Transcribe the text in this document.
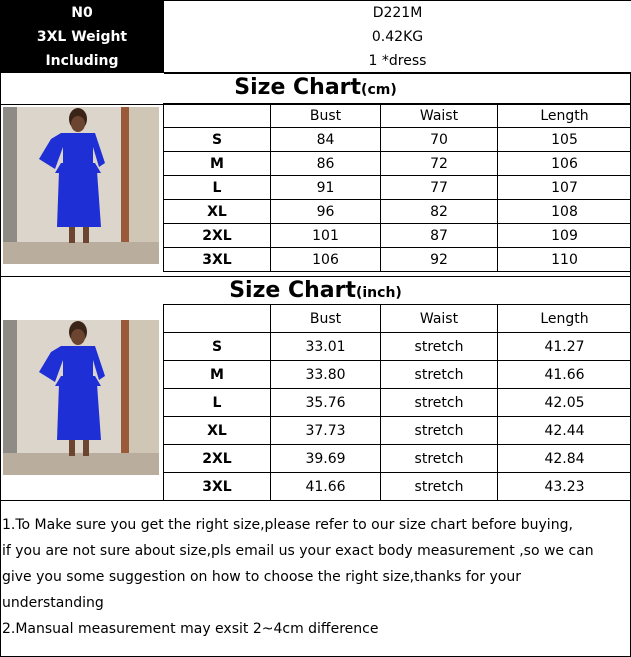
N0	D221M
3XL Weight	0.42KG
Including	1 *dress
Size Chart(cm)
	Bust	Waist	Length
S	84	70	105
M	86	72	106
L	91	77	107
XL	96	82	108
2XL	101	87	109
3XL	106	92	110
Size Chart(inch)
	Bust	Waist	Length
S	33.01	stretch	41.27
M	33.80	stretch	41.66
L	35.76	stretch	42.05
XL	37.73	stretch	42.44
2XL	39.69	stretch	42.84
3XL	41.66	stretch	43.23
1.To Make sure you get the right size,please refer to our size chart before buying,
if you are not sure about size,pls email us your exact body measurement ,so we can
give you some suggestion on how to choose the right size,thanks for your
understanding
2.Mansual measurement may exsit 2~4cm difference
